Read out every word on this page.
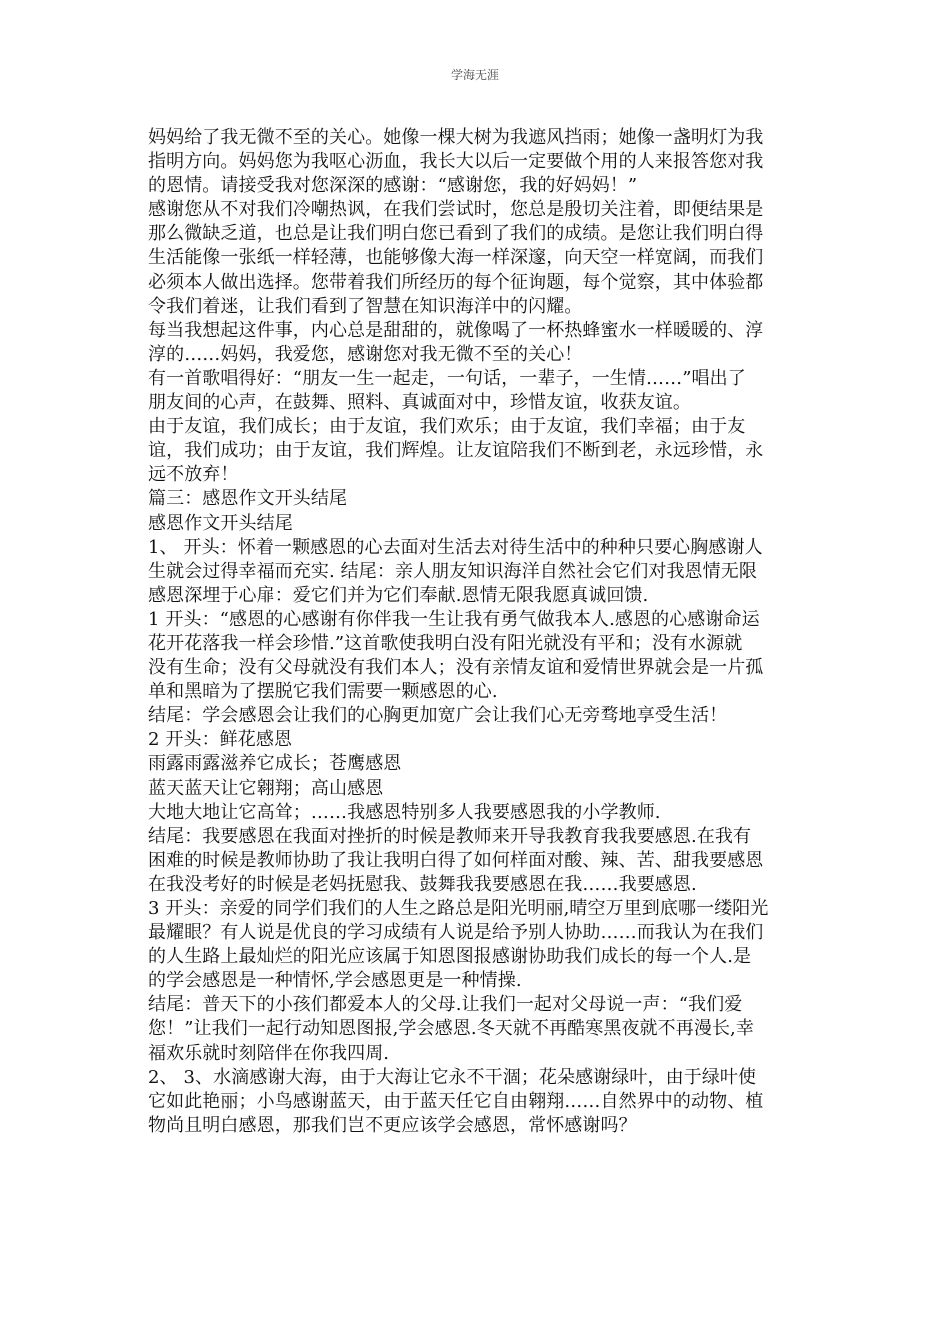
学海无涯
妈妈给了我无微不至的关心。她像一棵大树为我遮风挡雨；她像一盏明灯为我
指明方向。妈妈您为我呕心沥血，我长大以后一定要做个用的人来报答您对我
的恩情。请接受我对您深深的感谢：“感谢您，我的好妈妈！”
感谢您从不对我们冷嘲热讽，在我们尝试时，您总是殷切关注着，即便结果是
那么微缺乏道，也总是让我们明白您已看到了我们的成绩。是您让我们明白得
生活能像一张纸一样轻薄，也能够像大海一样深邃，向天空一样宽阔，而我们
必须本人做出选择。您带着我们所经历的每个征询题，每个觉察，其中体验都
令我们着迷，让我们看到了智慧在知识海洋中的闪耀。
每当我想起这件事，内心总是甜甜的，就像喝了一杯热蜂蜜水一样暖暖的、淳
淳的……妈妈，我爱您，感谢您对我无微不至的关心！
有一首歌唱得好：“朋友一生一起走，一句话，一辈子，一生情……”唱出了
朋友间的心声，在鼓舞、照料、真诚面对中，珍惜友谊，收获友谊。
由于友谊，我们成长；由于友谊，我们欢乐；由于友谊，我们幸福；由于友
谊，我们成功；由于友谊，我们辉煌。让友谊陪我们不断到老，永远珍惜，永
远不放弃！
篇三：感恩作文开头结尾
感恩作文开头结尾
1、 开头：怀着一颗感恩的心去面对生活去对待生活中的种种只要心胸感谢人
生就会过得幸福而充实. 结尾：亲人朋友知识海洋自然社会它们对我恩情无限
感恩深埋于心扉：爱它们并为它们奉献.恩情无限我愿真诚回馈.
1 开头：“感恩的心感谢有你伴我一生让我有勇气做我本人.感恩的心感谢命运
花开花落我一样会珍惜.”这首歌使我明白没有阳光就没有平和；没有水源就
没有生命；没有父母就没有我们本人；没有亲情友谊和爱情世界就会是一片孤
单和黑暗为了摆脱它我们需要一颗感恩的心.
结尾：学会感恩会让我们的心胸更加宽广会让我们心无旁骛地享受生活！
2 开头：鲜花感恩
雨露雨露滋养它成长；苍鹰感恩
蓝天蓝天让它翱翔；高山感恩
大地大地让它高耸；……我感恩特别多人我要感恩我的小学教师.
结尾：我要感恩在我面对挫折的时候是教师来开导我教育我我要感恩.在我有
困难的时候是教师协助了我让我明白得了如何样面对酸、辣、苦、甜我要感恩
在我没考好的时候是老妈抚慰我、鼓舞我我要感恩在我……我要感恩.
3 开头：亲爱的同学们我们的人生之路总是阳光明丽,晴空万里到底哪一缕阳光
最耀眼？有人说是优良的学习成绩有人说是给予别人协助……而我认为在我们
的人生路上最灿烂的阳光应该属于知恩图报感谢协助我们成长的每一个人.是
的学会感恩是一种情怀,学会感恩更是一种情操.
结尾：普天下的小孩们都爱本人的父母.让我们一起对父母说一声：“我们爱
您！”让我们一起行动知恩图报,学会感恩.冬天就不再酷寒黑夜就不再漫长,幸
福欢乐就时刻陪伴在你我四周.
2、 3、水滴感谢大海，由于大海让它永不干涸；花朵感谢绿叶，由于绿叶使
它如此艳丽；小鸟感谢蓝天，由于蓝天任它自由翱翔……自然界中的动物、植
物尚且明白感恩，那我们岂不更应该学会感恩，常怀感谢吗？
